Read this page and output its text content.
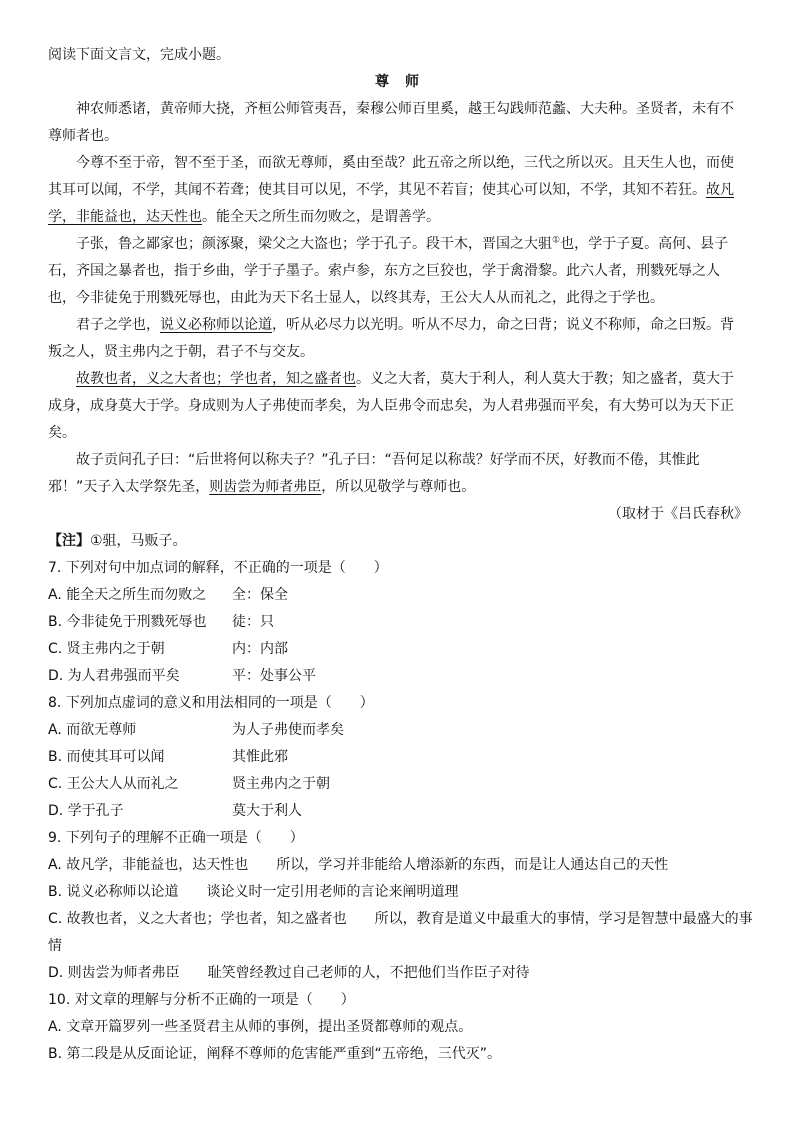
阅读下面文言文，完成小题。
尊 师
神农师悉诸，黄帝师大挠，齐桓公师管夷吾，秦穆公师百里奚，越王勾践师范蠡、大夫种。圣贤者，未有不
尊师者也。
今尊不至于帝，智不至于圣，而欲无尊师，奚由至哉？此五帝之所以绝，三代之所以灭。且天生人也，而使
其耳可以闻，不学，其闻不若聋；使其目可以见，不学，其见不若盲；使其心可以知，不学，其知不若狂。故凡
学，非能益也，达天性也。能全天之所生而勿败之，是谓善学。
子张，鲁之鄙家也；颜涿聚，梁父之大盗也；学于孔子。段干木，晋国之大驵①也，学于子夏。高何、县子
石，齐国之暴者也，指于乡曲，学于子墨子。索卢参，东方之巨狡也，学于禽滑黎。此六人者，刑戮死辱之人
也，今非徒免于刑戮死辱也，由此为天下名士显人，以终其寿，王公大人从而礼之，此得之于学也。
君子之学也，说义必称师以论道，听从必尽力以光明。听从不尽力，命之曰背；说义不称师，命之曰叛。背
叛之人，贤主弗内之于朝，君子不与交友。
故教也者，义之大者也；学也者，知之盛者也。义之大者，莫大于利人，利人莫大于教；知之盛者，莫大于
成身，成身莫大于学。身成则为人子弗使而孝矣，为人臣弗令而忠矣，为人君弗强而平矣，有大势可以为天下正
矣。
故子贡问孔子曰：“后世将何以称夫子？”孔子曰：“吾何足以称哉？好学而不厌，好教而不倦，其惟此
邪！”天子入太学祭先圣，则齿尝为师者弗臣，所以见敬学与尊师也。
（取材于《吕氏春秋》
【注】①驵，马贩子。
7. 下列对句中加点词的解释，不正确的一项是（　　）
A. 能全天之所生而勿败之 全：保全
B. 今非徒免于刑戮死辱也 徒：只
C. 贤主弗内之于朝	内：内部
D. 为人君弗强而平矣	平：处事公平
8. 下列加点虚词的意义和用法相同的一项是（　　）
A. 而欲无尊师	为人子弗使而孝矣
B. 而使其耳可以闻	其惟此邪
C. 王公大人从而礼之	贤主弗内之于朝
D. 学于孔子	莫大于利人
9. 下列句子的理解不正确一项是（　　）
A. 故凡学，非能益也，达天性也　　所以，学习并非能给人增添新的东西，而是让人通达自己的天性
B. 说义必称师以论道　　谈论义时一定引用老师的言论来阐明道理
C. 故教也者，义之大者也；学也者，知之盛者也　　所以，教育是道义中最重大的事情，学习是智慧中最盛大的事
情
D. 则齿尝为师者弗臣　　耻笑曾经教过自己老师的人，不把他们当作臣子对待
10. 对文章的理解与分析不正确的一项是（　　）
A. 文章开篇罗列一些圣贤君主从师的事例，提出圣贤都尊师的观点。
B. 第二段是从反面论证，阐释不尊师的危害能严重到“五帝绝，三代灭”。
